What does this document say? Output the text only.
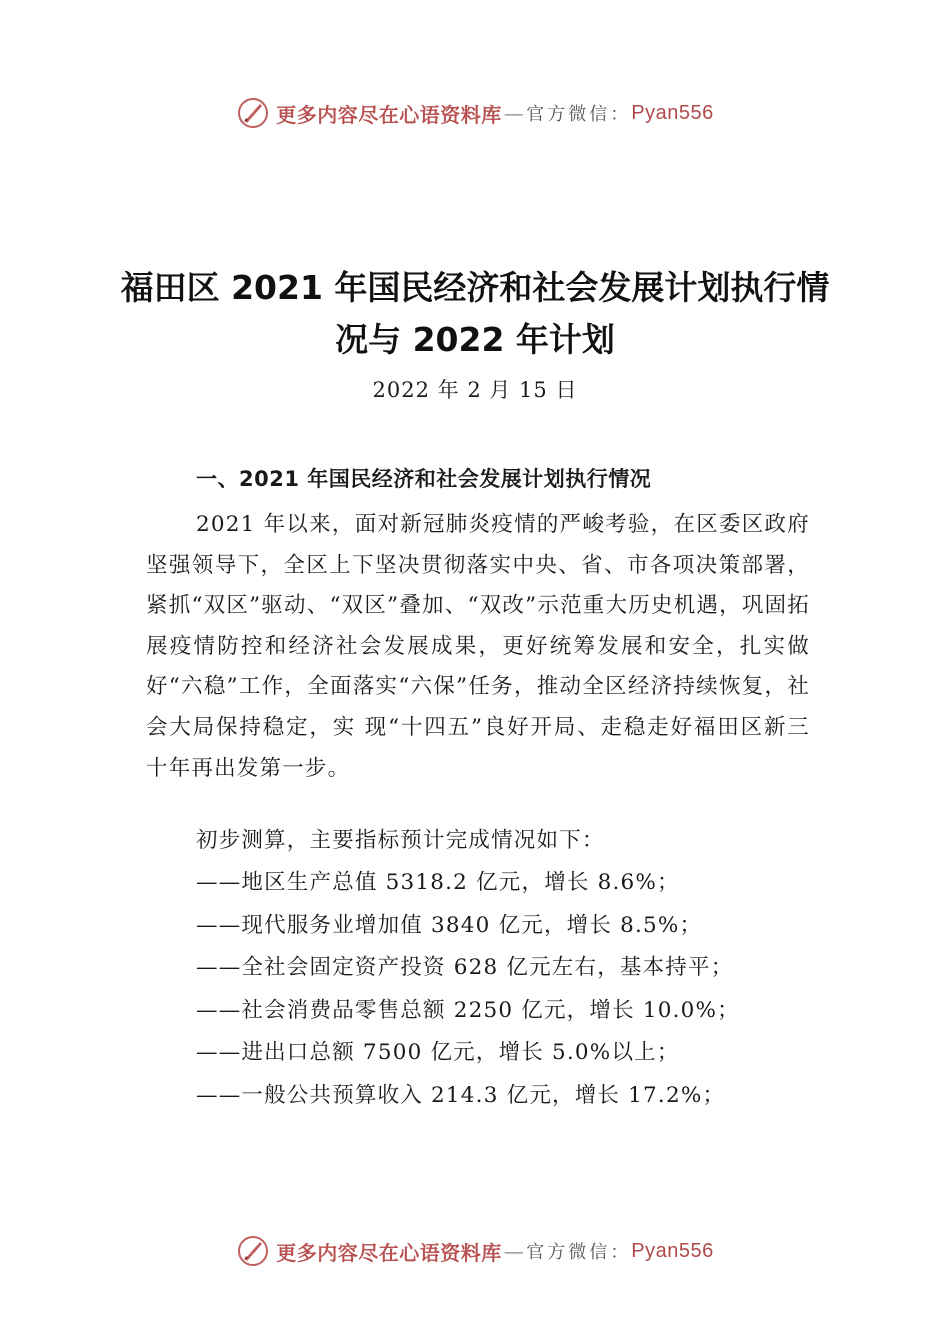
更多内容尽在心语资料库 — 官方微信： Pyan556
福田区 2021 年国民经济和社会发展计划执行情况与 2022 年计划
2022 年 2 月 15 日
一、2021 年国民经济和社会发展计划执行情况
2021 年以来，面对新冠肺炎疫情的严峻考验，在区委区政府坚强领导下，全区上下坚决贯彻落实中央、省、市各项决策部署，紧抓“双区”驱动、“双区”叠加、“双改”示范重大历史机遇，巩固拓展疫情防控和经济社会发展成果，更好统筹发展和安全，扎实做好“六稳”工作，全面落实“六保”任务，推动全区经济持续恢复，社会大局保持稳定，实 现“十四五”良好开局、走稳走好福田区新三十年再出发第一步。
初步测算，主要指标预计完成情况如下：
——地区生产总值 5318.2 亿元，增长 8.6%；
——现代服务业增加值 3840 亿元，增长 8.5%；
——全社会固定资产投资 628 亿元左右，基本持平；
——社会消费品零售总额 2250 亿元，增长 10.0%；
——进出口总额 7500 亿元，增长 5.0%以上；
——一般公共预算收入 214.3 亿元，增长 17.2%；
更多内容尽在心语资料库 — 官方微信： Pyan556
